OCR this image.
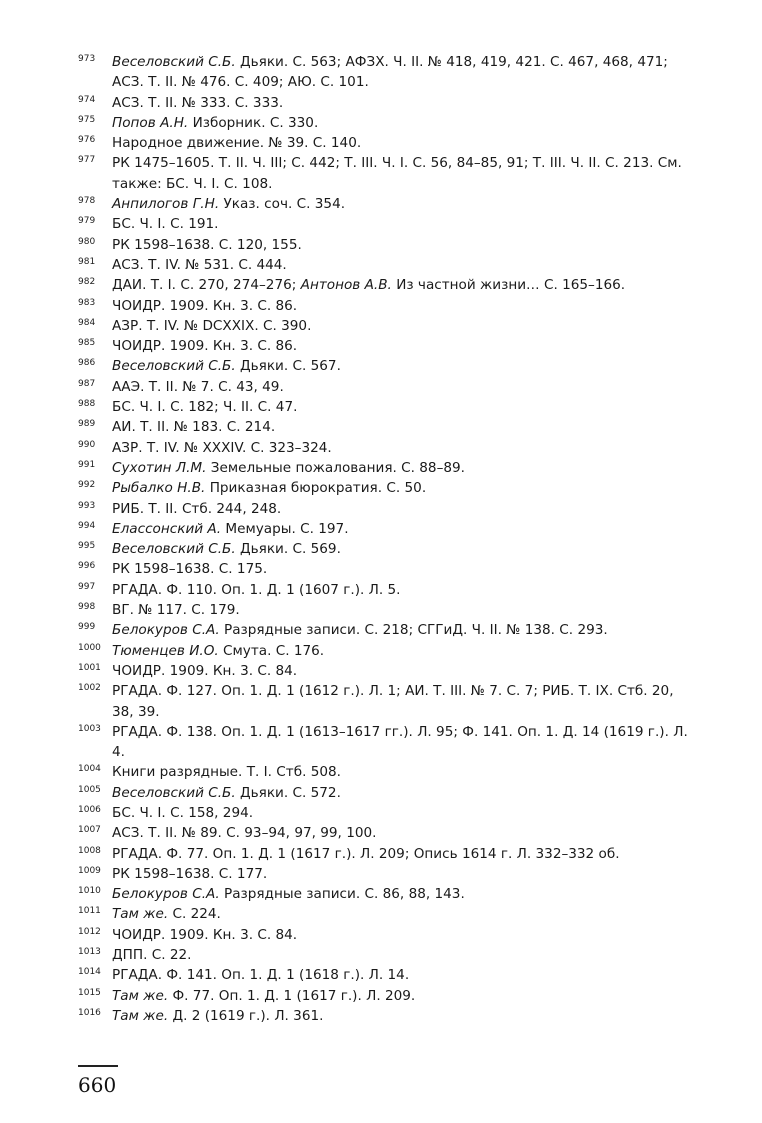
973	Веселовский С.Б. Дьяки. С. 563; АФЗХ. Ч. II. № 418, 419, 421. С. 467, 468, 471; АСЗ. Т. II. № 476. С. 409; АЮ. С. 101.
974	АСЗ. Т. II. № 333. С. 333.
975	Попов А.Н. Изборник. С. 330.
976	Народное движение. № 39. С. 140.
977	РК 1475–1605. Т. II. Ч. III; С. 442; Т. III. Ч. I. С. 56, 84–85, 91; Т. III. Ч. II. С. 213. См. также: БС. Ч. I. С. 108.
978	Анпилогов Г.Н. Указ. соч. С. 354.
979	БС. Ч. I. С. 191.
980	РК 1598–1638. С. 120, 155.
981	АСЗ. Т. IV. № 531. С. 444.
982	ДАИ. Т. I. С. 270, 274–276; Антонов А.В. Из частной жизни… С. 165–166.
983	ЧОИДР. 1909. Кн. 3. С. 86.
984	АЗР. Т. IV. № DCXXIX. С. 390.
985	ЧОИДР. 1909. Кн. 3. С. 86.
986	Веселовский С.Б. Дьяки. С. 567.
987	ААЭ. Т. II. № 7. С. 43, 49.
988	БС. Ч. I. С. 182; Ч. II. С. 47.
989	АИ. Т. II. № 183. С. 214.
990	АЗР. Т. IV. № XXXIV. С. 323–324.
991	Сухотин Л.М. Земельные пожалования. С. 88–89.
992	Рыбалко Н.В. Приказная бюрократия. С. 50.
993	РИБ. Т. II. Стб. 244, 248.
994	Елассонский А. Мемуары. С. 197.
995	Веселовский С.Б. Дьяки. С. 569.
996	РК 1598–1638. С. 175.
997	РГАДА. Ф. 110. Оп. 1. Д. 1 (1607 г.). Л. 5.
998	ВГ. № 117. С. 179.
999	Белокуров С.А. Разрядные записи. С. 218; СГГиД. Ч. II. № 138. С. 293.
1000 Тюменцев И.О. Смута. С. 176.
1001 ЧОИДР. 1909. Кн. 3. С. 84.
1002 РГАДА. Ф. 127. Оп. 1. Д. 1 (1612 г.). Л. 1; АИ. Т. III. № 7. С. 7; РИБ. Т. IX. Стб. 20, 38, 39.
1003 РГАДА. Ф. 138. Оп. 1. Д. 1 (1613–1617 гг.). Л. 95; Ф. 141. Оп. 1. Д. 14 (1619 г.). Л. 4.
1004 Книги разрядные. Т. I. Стб. 508.
1005 Веселовский С.Б. Дьяки. С. 572.
1006 БС. Ч. I. С. 158, 294.
1007 АСЗ. Т. II. № 89. С. 93–94, 97, 99, 100.
1008 РГАДА. Ф. 77. Оп. 1. Д. 1 (1617 г.). Л. 209; Опись 1614 г. Л. 332–332 об.
1009 РК 1598–1638. С. 177.
1010 Белокуров С.А. Разрядные записи. С. 86, 88, 143.
1011 Там же. С. 224.
1012 ЧОИДР. 1909. Кн. 3. С. 84.
1013 ДПП. С. 22.
1014 РГАДА. Ф. 141. Оп. 1. Д. 1 (1618 г.). Л. 14.
1015 Там же. Ф. 77. Оп. 1. Д. 1 (1617 г.). Л. 209.
1016 Там же. Д. 2 (1619 г.). Л. 361.
660
